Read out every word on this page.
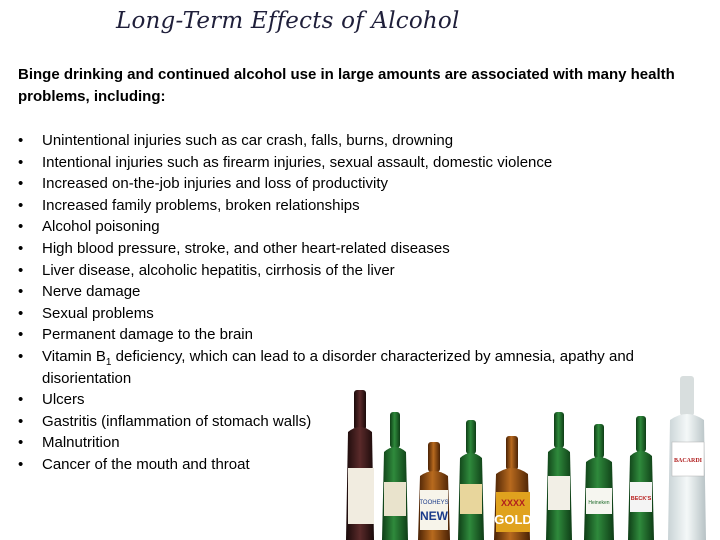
Long-Term Effects of Alcohol
Binge drinking and continued alcohol use in large amounts are associated with many health problems, including:
•	Unintentional injuries such as car crash, falls, burns, drowning
•	Intentional injuries such as firearm injuries, sexual assault, domestic violence
•	Increased on-the-job injuries and loss of productivity
•	Increased family problems, broken relationships
•	Alcohol poisoning
•	High blood pressure, stroke, and other heart-related diseases
•	Liver disease, alcoholic hepatitis, cirrhosis of the liver
•	Nerve damage
•	Sexual problems
•	Permanent damage to the brain
•	Vitamin $B_1$ deficiency, which can lead to a disorder characterized by amnesia, apathy and disorientation
•	Ulcers
•	Gastritis (inflammation of stomach walls)
•	Malnutrition
•	Cancer of the mouth and throat
TOOHEYS
NEW
XXXX
GOLD
Heineken
BECK'S
BACARDI
